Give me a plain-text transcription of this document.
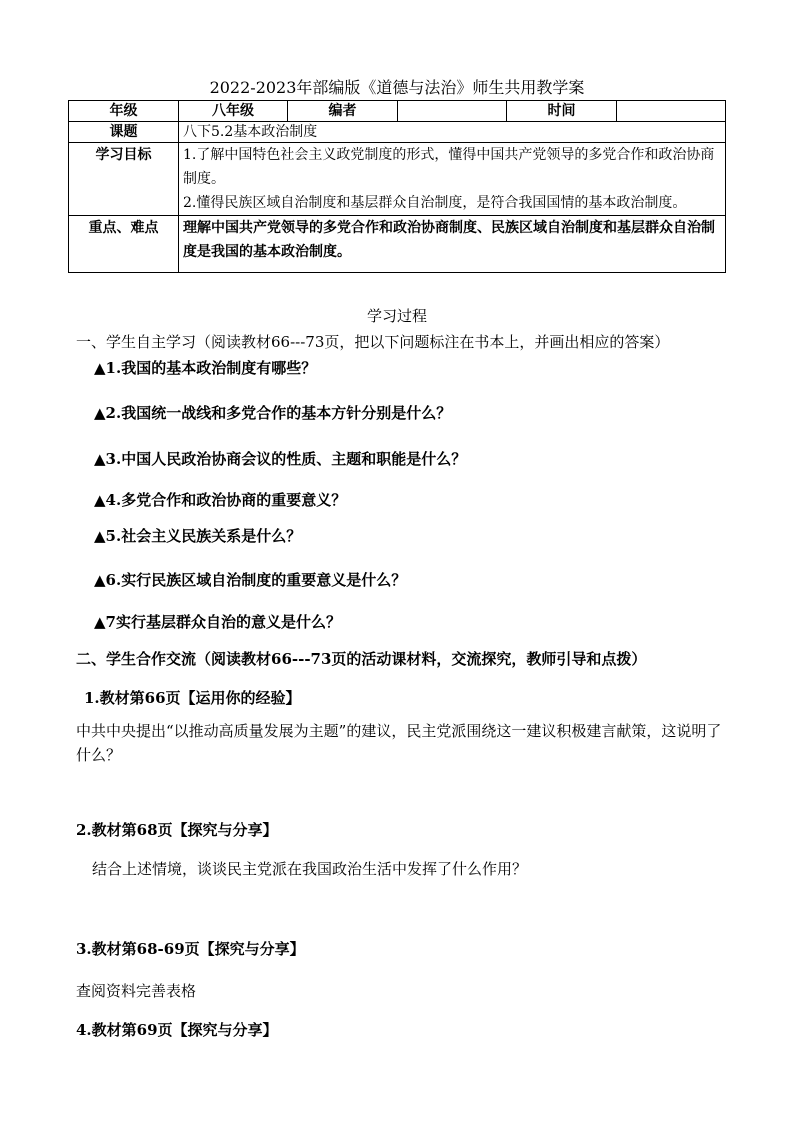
2022-2023年部编版《道德与法治》师生共用教学案
年级	八年级	编者		时间	
课题	八下5.2基本政治制度				
学习目标	1.了解中国特色社会主义政党制度的形式，懂得中国共产党领导的多党合作和政治协商制度。
2.懂得民族区域自治制度和基层群众自治制度，是符合我国国情的基本政治制度。				

重点、难点	理解中国共产党领导的多党合作和政治协商制度、民族区域自治制度和基层群众自治制度是我国的基本政治制度。				
学习过程
一、学生自主学习（阅读教材66---73页，把以下问题标注在书本上，并画出相应的答案）
▲1.我国的基本政治制度有哪些？
▲2.我国统一战线和多党合作的基本方针分别是什么？
▲3.中国人民政治协商会议的性质、主题和职能是什么？
▲4.多党合作和政治协商的重要意义？
▲5.社会主义民族关系是什么？
▲6.实行民族区域自治制度的重要意义是什么？
▲7实行基层群众自治的意义是什么？
二、学生合作交流（阅读教材66---73页的活动课材料，交流探究，教师引导和点拨）
1.教材第66页【运用你的经验】
中共中央提出“以推动高质量发展为主题”的建议，民主党派围绕这一建议积极建言献策，这说明了什么？
2.教材第68页【探究与分享】
结合上述情境，谈谈民主党派在我国政治生活中发挥了什么作用？
3.教材第68-69页【探究与分享】
查阅资料完善表格
4.教材第69页【探究与分享】
